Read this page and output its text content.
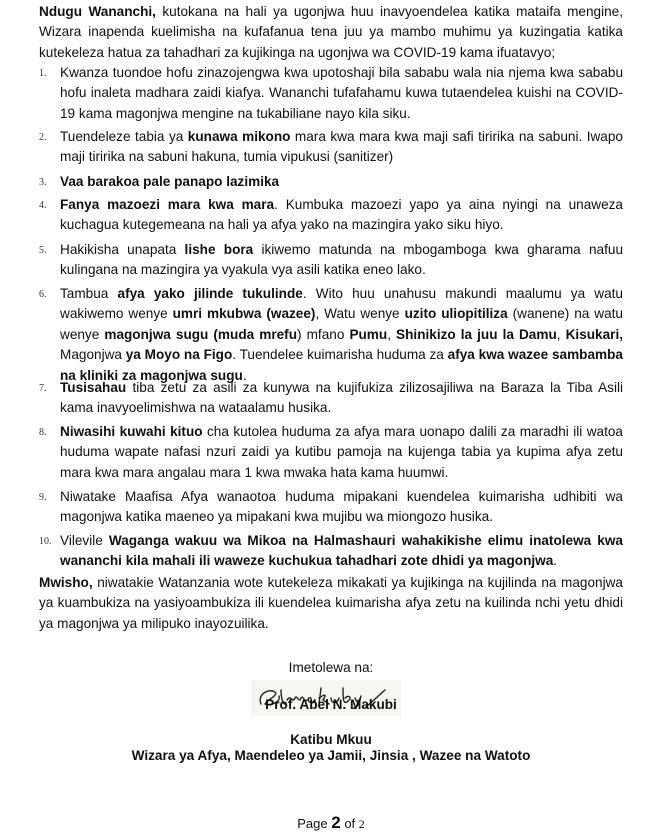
Ndugu Wananchi, kutokana na hali ya ugonjwa huu inavyoendelea katika mataifa mengine, Wizara inapenda kuelimisha na kufafanua tena juu ya mambo muhimu ya kuzingatia katika kutekeleza hatua za tahadhari za kujikinga na ugonjwa wa COVID-19 kama ifuatavyo;

1. Kwanza tuondoe hofu zinazojengwa kwa upotoshaji bila sababu wala nia njema kwa sababu hofu inaleta madhara zaidi kiafya. Wananchi tufafahamu kuwa tutaendelea kuishi na COVID-19 kama magonjwa mengine na tukabiliane nayo kila siku.

2. Tuendeleze tabia ya kunawa mikono mara kwa mara kwa maji safi tiririka na sabuni. Iwapo maji tiririka na sabuni hakuna, tumia vipukusi (sanitizer)

3. Vaa barakoa pale panapo lazimika

4. Fanya mazoezi mara kwa mara. Kumbuka mazoezi yapo ya aina nyingi na unaweza kuchagua kutegemeana na hali ya afya yako na mazingira yako siku hiyo.

5. Hakikisha unapata lishe bora ikiwemo matunda na mbogamboga kwa gharama nafuu kulingana na mazingira ya vyakula vya asili katika eneo lako.

6. Tambua afya yako jilinde tukulinde. Wito huu unahusu makundi maalumu ya watu wakiwemo wenye umri mkubwa (wazee), Watu wenye uzito uliopitiliza (wanene) na watu wenye magonjwa sugu (muda mrefu) mfano Pumu, Shinikizo la juu la Damu, Kisukari, Magonjwa ya Moyo na Figo. Tuendelee kuimarisha huduma za afya kwa wazee sambamba na kliniki za magonjwa sugu.

7. Tusisahau tiba zetu za asili za kunywa na kujifukiza zilizosajiliwa na Baraza la Tiba Asili kama inavyoelimishwa na wataalamu husika.

8. Niwasihi kuwahi kituo cha kutolea huduma za afya mara uonapo dalili za maradhi ili watoa huduma wapate nafasi nzuri zaidi ya kutibu pamoja na kujenga tabia ya kupima afya zetu mara kwa mara angalau mara 1 kwa mwaka hata kama huumwi.

9. Niwatake Maafisa Afya wanaotoa huduma mipakani kuendelea kuimarisha udhibiti wa magonjwa katika maeneo ya mipakani kwa mujibu wa miongozo husika.

10. Vilevile Waganga wakuu wa Mikoa na Halmashauri wahakikishe elimu inatolewa kwa wananchi kila mahali ili waweze kuchukua tahadhari zote dhidi ya magonjwa.

Mwisho, niwatakie Watanzania wote kutekeleza mikakati ya kujikinga na kujilinda na magonjwa ya kuambukiza na yasiyoambukiza ili kuendelea kuimarisha afya zetu na kuilinda nchi yetu dhidi ya magonjwa ya milipuko inayozuilika.

Imetolewa na:
Prof. Abel N. Makubi
Katibu Mkuu
Wizara ya Afya, Maendeleo ya Jamii, Jinsia , Wazee na Watoto
Page 2 of 2
